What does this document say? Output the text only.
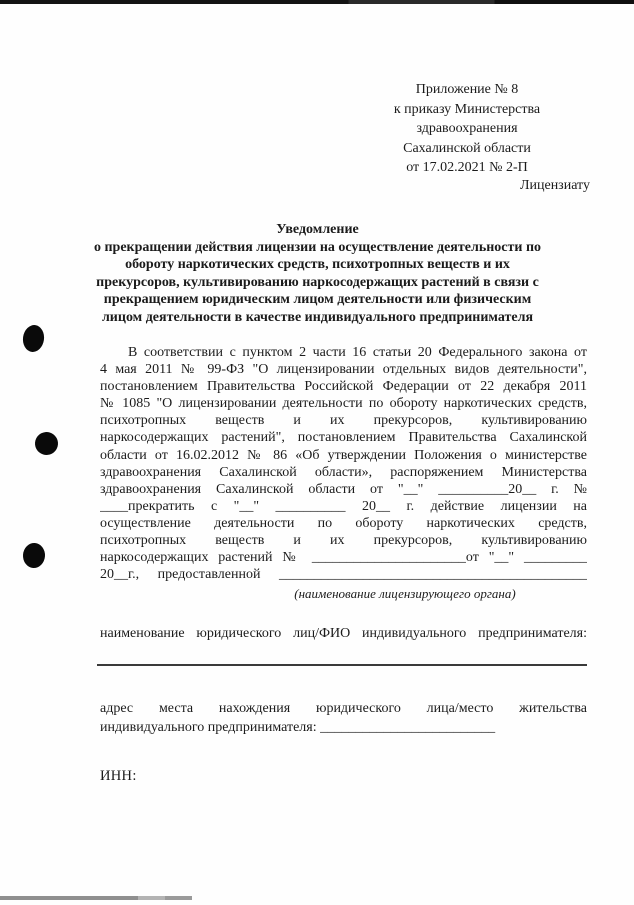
Приложение № 8
к приказу Министерства здравоохранения
Сахалинской области
от 17.02.2021 № 2-П
Лицензиату
Уведомление
о прекращении действия лицензии на осуществление деятельности по
обороту наркотических средств, психотропных веществ и их
прекурсоров, культивированию наркосодержащих растений в связи с
прекращением юридическим лицом деятельности или физическим
лицом деятельности в качестве индивидуального предпринимателя
В соответствии с пунктом 2 части 16 статьи 20 Федерального закона от
4 мая 2011 № 99-ФЗ "О лицензировании отдельных видов деятельности",
постановлением Правительства Российской Федерации от 22 декабря 2011
№ 1085 "О лицензировании деятельности по обороту наркотических средств,
психотропных веществ и их прекурсоров, культивированию
наркосодержащих растений", постановлением Правительства Сахалинской
области от 16.02.2012 № 86 «Об утверждении Положения о министерстве
здравоохранения Сахалинской области», распоряжением Министерства
здравоохранения Сахалинской области от "__" __________20__ г. №
____прекратить с "__" __________ 20__ г. действие лицензии на
осуществление деятельности по обороту наркотических средств,
психотропных веществ и их прекурсоров, культивированию
наркосодержащих растений № ______________________от "__" _________
20__г., предоставленной ____________________________________________
(наименование лицензирующего органа)
наименование юридического лиц/ФИО индивидуального предпринимателя:
адрес места нахождения юридического лица/место жительства
индивидуального предпринимателя: _________________________
ИНН:
